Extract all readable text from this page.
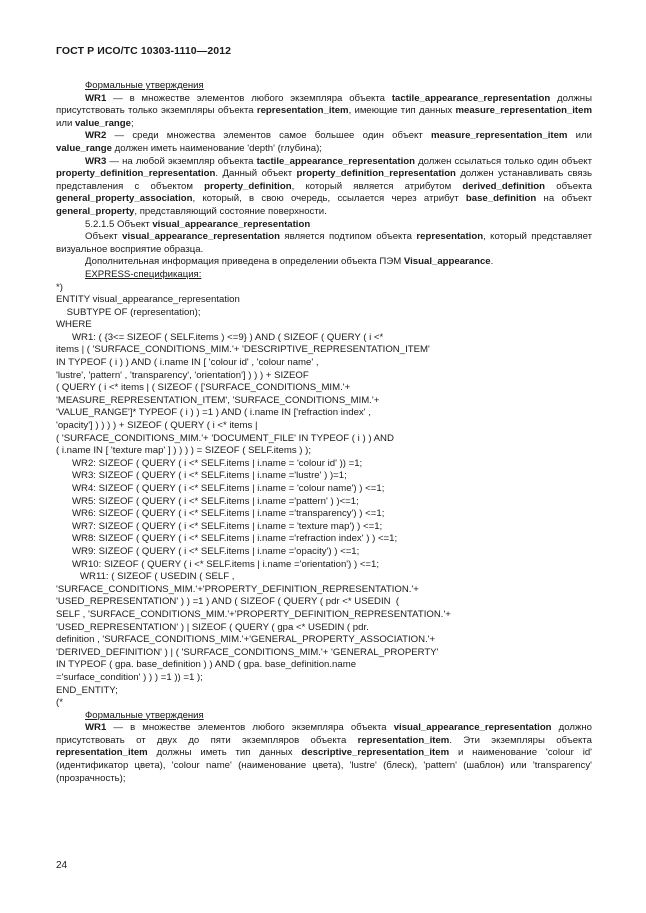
ГОСТ Р ИСО/ТС 10303-1110—2012

Формальные утверждения

WR1 — в множестве элементов любого экземпляра объекта tactile_appearance_representation должны присутствовать только экземпляры объекта representation_item, имеющие тип данных measure_representation_item или value_range;

WR2 — среди множества элементов самое большее один объект measure_representation_item или value_range должен иметь наименование 'depth' (глубина);

WR3 — на любой экземпляр объекта tactile_appearance_representation должен ссылаться только один объект property_definition_representation. Данный объект property_definition_representation должен устанавливать связь представления с объектом property_definition, который является атрибутом derived_definition объекта general_property_association, который, в свою очередь, ссылается через атрибут base_definition на объект general_property, представляющий состояние поверхности.

5.2.1.5 Объект visual_appearance_representation

Объект visual_appearance_representation является подтипом объекта representation, который представляет визуальное восприятие образца.

Дополнительная информация приведена в определении объекта ПЭМ Visual_appearance.

EXPRESS-спецификация:

*)
ENTITY visual_appearance_representation
SUBTYPE OF (representation);
WHERE
WR1: ( {3<= SIZEOF ( SELF.items ) <=9} ) AND ( SIZEOF ( QUERY ( i <*
items | ( 'SURFACE_CONDITIONS_MIM.'+ 'DESCRIPTIVE_REPRESENTATION_ITEM'
IN TYPEOF ( i ) ) AND ( i.name IN [ 'colour id' , 'colour name' ,
'lustre', 'pattern' , 'transparency', 'orientation'] ) ) ) + SIZEOF
( QUERY ( i <* items | ( SIZEOF ( ['SURFACE_CONDITIONS_MIM.'+
'MEASURE_REPRESENTATION_ITEM', 'SURFACE_CONDITIONS_MIM.'+
'VALUE_RANGE']* TYPEOF ( i ) ) =1 ) AND ( i.name IN ['refraction index' ,
'opacity'] ) ) ) ) + SIZEOF ( QUERY ( i <* items |
( 'SURFACE_CONDITIONS_MIM.'+ 'DOCUMENT_FILE' IN TYPEOF ( i ) ) AND
( i.name IN [ 'texture map' ] ) ) ) ) = SIZEOF ( SELF.items ) );
WR2: SIZEOF ( QUERY ( i <* SELF.items | i.name = 'colour id' )) =1;
WR3: SIZEOF ( QUERY ( i <* SELF.items | i.name ='lustre' ) )=1;
WR4: SIZEOF ( QUERY ( i <* SELF.items | i.name = 'colour name') ) <=1;
WR5: SIZEOF ( QUERY ( i <* SELF.items | i.name ='pattern' ) )<=1;
WR6: SIZEOF ( QUERY ( i <* SELF.items | i.name ='transparency') ) <=1;
WR7: SIZEOF ( QUERY ( i <* SELF.items | i.name = 'texture map') ) <=1;
WR8: SIZEOF ( QUERY ( i <* SELF.items | i.name ='refraction index' ) ) <=1;
WR9: SIZEOF ( QUERY ( i <* SELF.items | i.name ='opacity') ) <=1;
WR10: SIZEOF ( QUERY ( i <* SELF.items | i.name ='orientation') ) <=1;
WR11: ( SIZEOF ( USEDIN ( SELF ,
'SURFACE_CONDITIONS_MIM.'+'PROPERTY_DEFINITION_REPRESENTATION.'+
'USED_REPRESENTATION' ) ) =1 ) AND ( SIZEOF ( QUERY ( pdr <* USEDIN  (
SELF , 'SURFACE_CONDITIONS_MIM.'+'PROPERTY_DEFINITION_REPRESENTATION.'+
'USED_REPRESENTATION' ) | SIZEOF ( QUERY ( gpa <* USEDIN ( pdr.
definition , 'SURFACE_CONDITIONS_MIM.'+'GENERAL_PROPERTY_ASSOCIATION.'+
'DERIVED_DEFINITION' ) | ( 'SURFACE_CONDITIONS_MIM.'+ 'GENERAL_PROPERTY'
IN TYPEOF ( gpa. base_definition ) ) AND ( gpa. base_definition.name
='surface_condition' ) ) ) =1 )) =1 );
END_ENTITY;
(*

Формальные утверждения

WR1 — в множестве элементов любого экземпляра объекта visual_appearance_representation должно присутствовать от двух до пяти экземпляров объекта representation_item. Эти экземпляры объекта representation_item должны иметь тип данных descriptive_representation_item и наименование 'colour id' (идентификатор цвета), 'colour name' (наименование цвета), 'lustre' (блеск), 'pattern' (шаблон) или 'transparency' (прозрачность);

24
